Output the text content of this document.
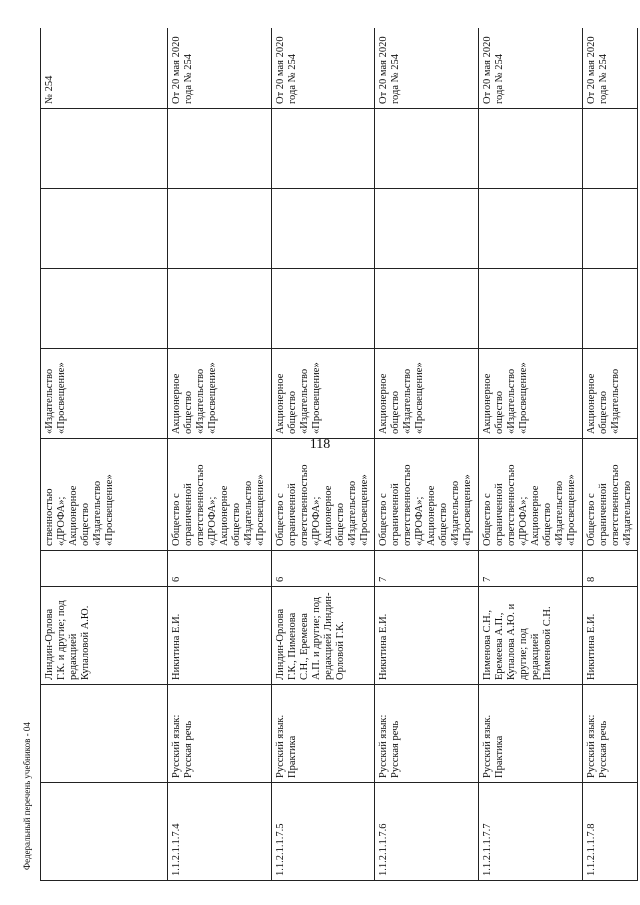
118
Федеральный перечень учебников - 04
		Линдин-Орлова Г.К. и другие; под редакцией Купаловой А.Ю.		ственностью «ДРОФА»; Акционерное общество «Издательство «Просвещение»	«Издательство «Просвещение»				№ 254
1.1.2.1.1.7.4	Русский язык: Русская речь	Никитина Е.И.	6	Общество с ограниченной ответственностью «ДРОФА»; Акционерное общество «Издательство «Просвещение»	Акционерное общество «Издательство «Просвещение»				От 20 мая 2020 года № 254
1.1.2.1.1.7.5	Русский язык. Практика	Линдин-Орлова Г.К., Пименова С.Н., Еремеева А.П. и другие; под редакцией Линдин-Орловой Г.К.	6	Общество с ограниченной ответственностью «ДРОФА»; Акционерное общество «Издательство «Просвещение»	Акционерное общество «Издательство «Просвещение»				От 20 мая 2020 года № 254
1.1.2.1.1.7.6	Русский язык: Русская речь	Никитина Е.И.	7	Общество с ограниченной ответственностью «ДРОФА»; Акционерное общество «Издательство «Просвещение»	Акционерное общество «Издательство «Просвещение»				От 20 мая 2020 года № 254
1.1.2.1.1.7.7	Русский язык. Практика	Пименова С.Н., Еремеева А.П., Купалова А.Ю. и другие; под редакцией Пименовой С.Н.	7	Общество с ограниченной ответственностью «ДРОФА»; Акционерное общество «Издательство «Просвещение»	Акционерное общество «Издательство «Просвещение»				От 20 мая 2020 года № 254
1.1.2.1.1.7.8	Русский язык: Русская речь	Никитина Е.И.	8	Общество с ограниченной ответственностью «Издательство	Акционерное общество «Издательство				От 20 мая 2020 года № 254
